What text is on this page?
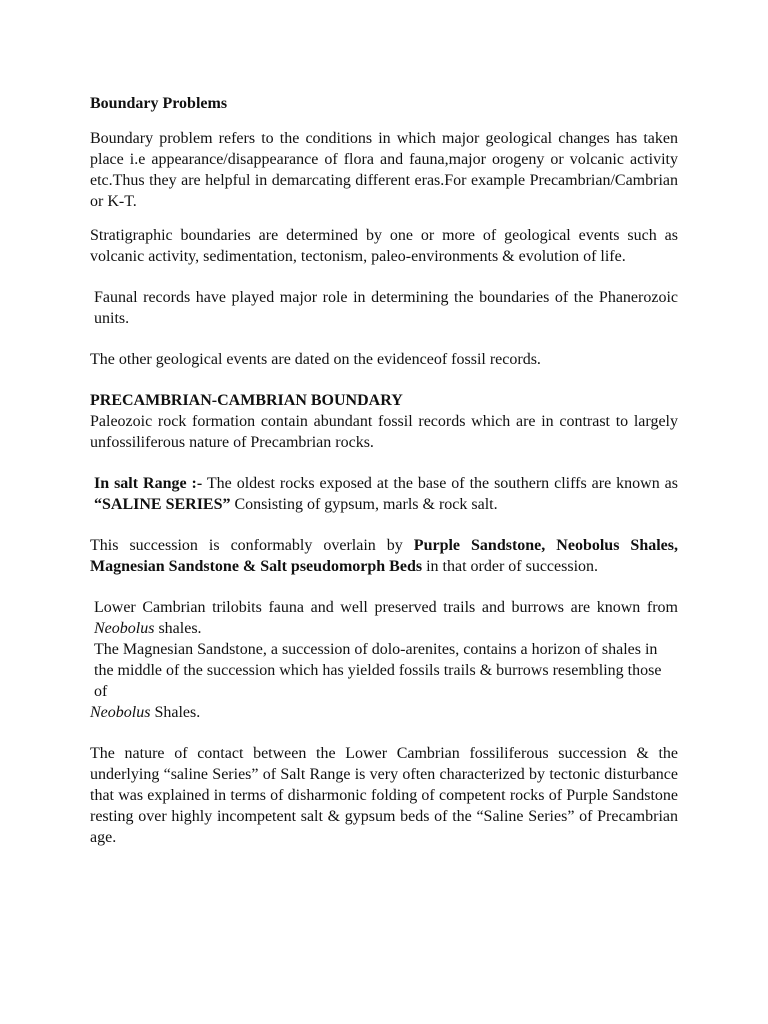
Boundary Problems

Boundary problem refers to the conditions in which major geological changes has taken place i.e appearance/disappearance of flora and fauna,major orogeny or volcanic activity etc.Thus they are helpful in demarcating different eras.For example Precambrian/Cambrian or K-T.

Stratigraphic boundaries are determined by one or more of geological events such as volcanic activity, sedimentation, tectonism, paleo-environments & evolution of life.

Faunal records have played major role in determining the boundaries of the Phanerozoic units.

The other geological events are dated on the evidenceof fossil records.

PRECAMBRIAN-CAMBRIAN BOUNDARY

Paleozoic rock formation contain abundant fossil records which are in contrast to largely unfossiliferous nature of Precambrian rocks.

In salt Range :- The oldest rocks exposed at the base of the southern cliffs are known as “SALINE SERIES” Consisting of gypsum, marls & rock salt.

This succession is conformably overlain by Purple Sandstone, Neobolus Shales, Magnesian Sandstone & Salt pseudomorph Beds in that order of succession.

Lower Cambrian trilobits fauna and well preserved trails and burrows are known from Neobolus shales.

The Magnesian Sandstone, a succession of dolo-arenites, contains a horizon of shales in the middle of the succession which has yielded fossils trails & burrows resembling those of

Neobolus Shales.

The nature of contact between the Lower Cambrian fossiliferous succession & the underlying “saline Series” of Salt Range is very often characterized by tectonic disturbance that was explained in terms of disharmonic folding of competent rocks of Purple Sandstone resting over highly incompetent salt & gypsum beds of the “Saline Series” of Precambrian age.
